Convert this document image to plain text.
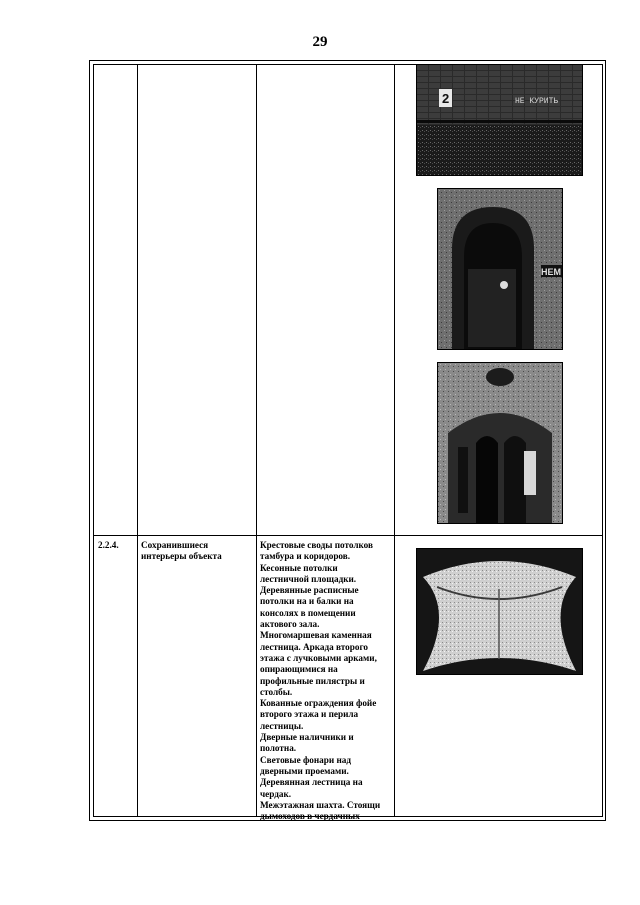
29
2.2.4.	Сохранившиеся интерьеры объекта
Крестовые своды потолков
тамбура и коридоров.
Кесонные потолки
лестничной площадки.
Деревянные расписные
потолки на и балки на
консолях в помещении
актового зала.
Многомаршевая каменная
лестница. Аркада второго
этажа с лучковыми арками,
опирающимися на
профильные пилястры и
столбы.
Кованные ограждения фойе
второго этажа и перила
лестницы.
Дверные наличники и
полотна.
Световые фонари над
дверными проемами.
Деревянная лестница на
чердак.
Межэтажная шахта. Стоящи
дымоходов в чердачных
2	НЕ КУРИТЬ
НЕМ
